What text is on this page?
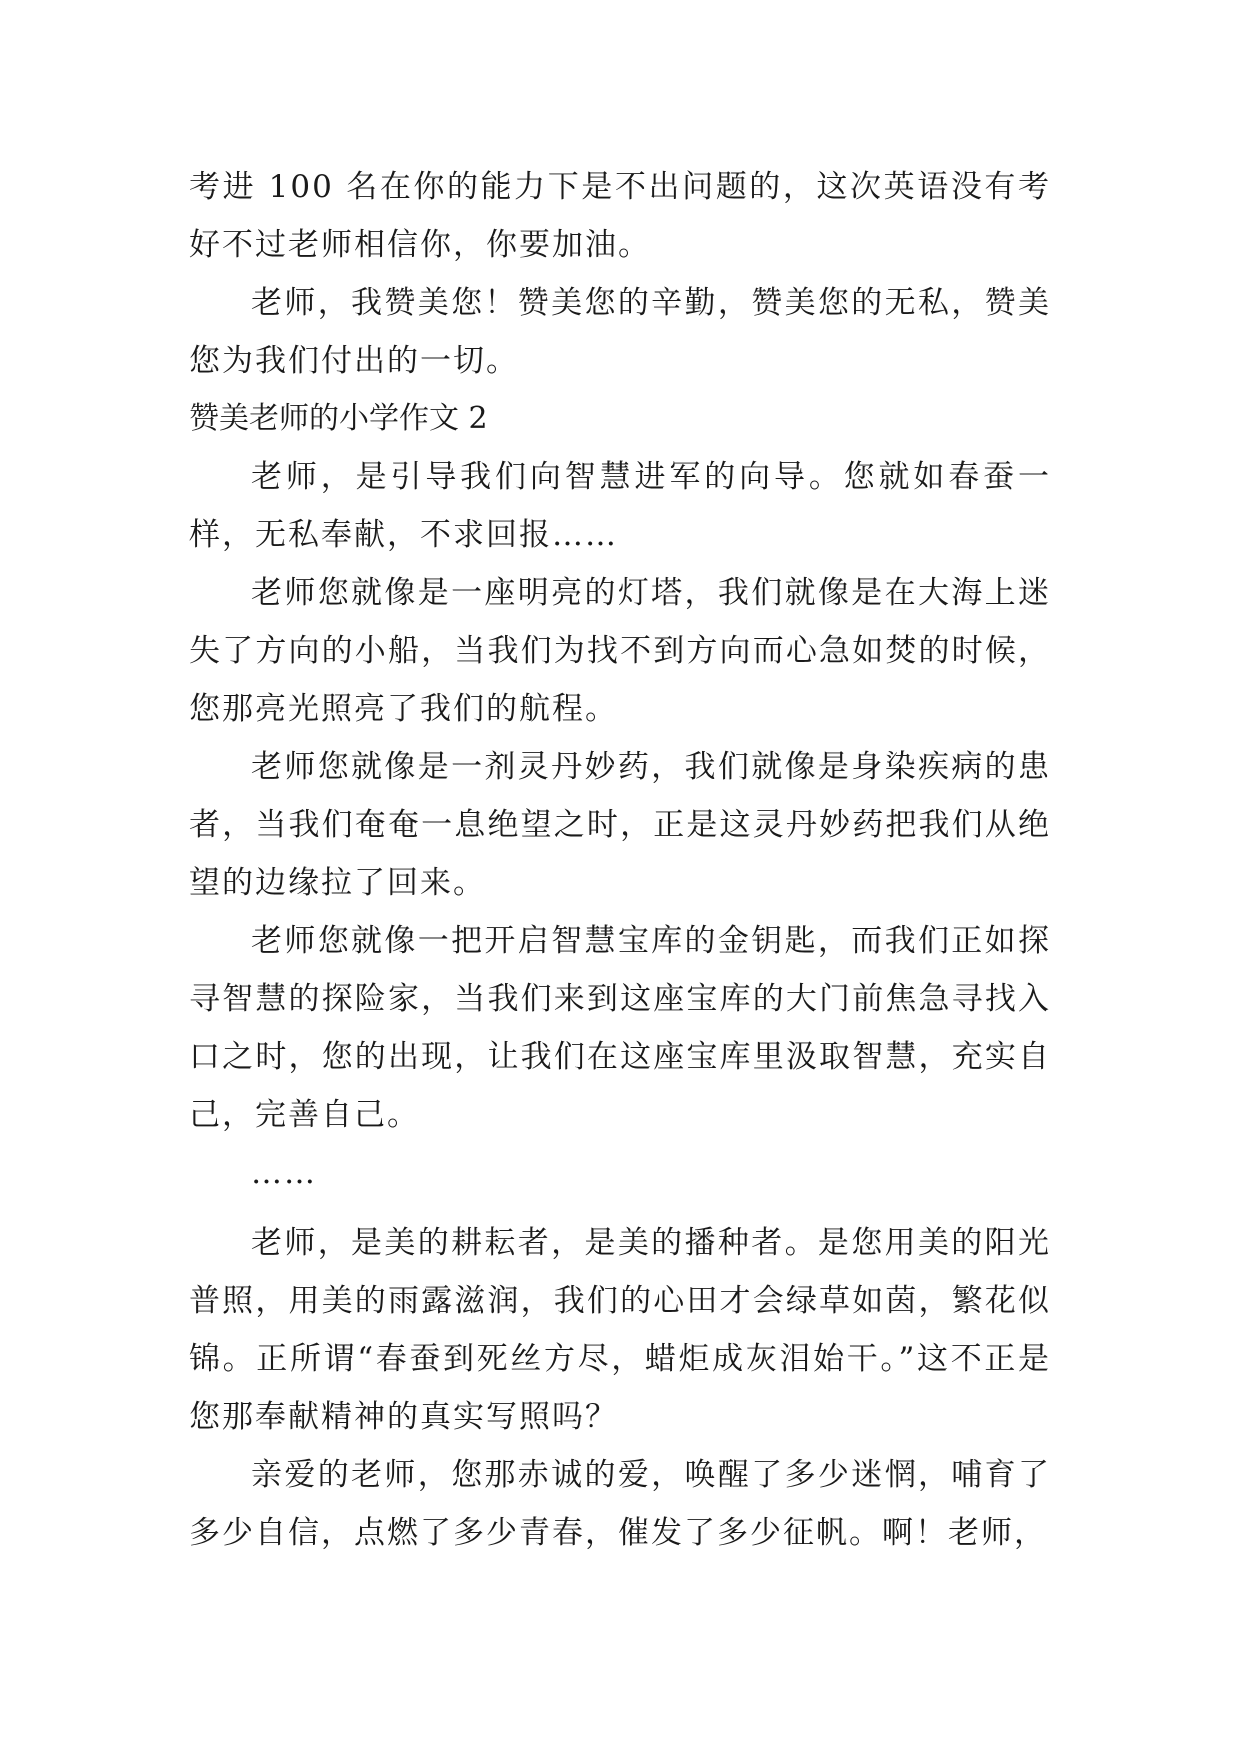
考进 100 名在你的能力下是不出问题的，这次英语没有考好不过老师相信你，你要加油。

老师，我赞美您！赞美您的辛勤，赞美您的无私，赞美您为我们付出的一切。

赞美老师的小学作文 2

老师，是引导我们向智慧进军的向导。您就如春蚕一样，无私奉献，不求回报……

老师您就像是一座明亮的灯塔，我们就像是在大海上迷失了方向的小船，当我们为找不到方向而心急如焚的时候，您那亮光照亮了我们的航程。

老师您就像是一剂灵丹妙药，我们就像是身染疾病的患者，当我们奄奄一息绝望之时，正是这灵丹妙药把我们从绝望的边缘拉了回来。

老师您就像一把开启智慧宝库的金钥匙，而我们正如探寻智慧的探险家，当我们来到这座宝库的大门前焦急寻找入口之时，您的出现，让我们在这座宝库里汲取智慧，充实自己，完善自己。

……

老师，是美的耕耘者，是美的播种者。是您用美的阳光普照，用美的雨露滋润，我们的心田才会绿草如茵，繁花似锦。正所谓“春蚕到死丝方尽，蜡炬成灰泪始干。”这不正是您那奉献精神的真实写照吗？

亲爱的老师，您那赤诚的爱，唤醒了多少迷惘，哺育了多少自信，点燃了多少青春，催发了多少征帆。啊！老师，
